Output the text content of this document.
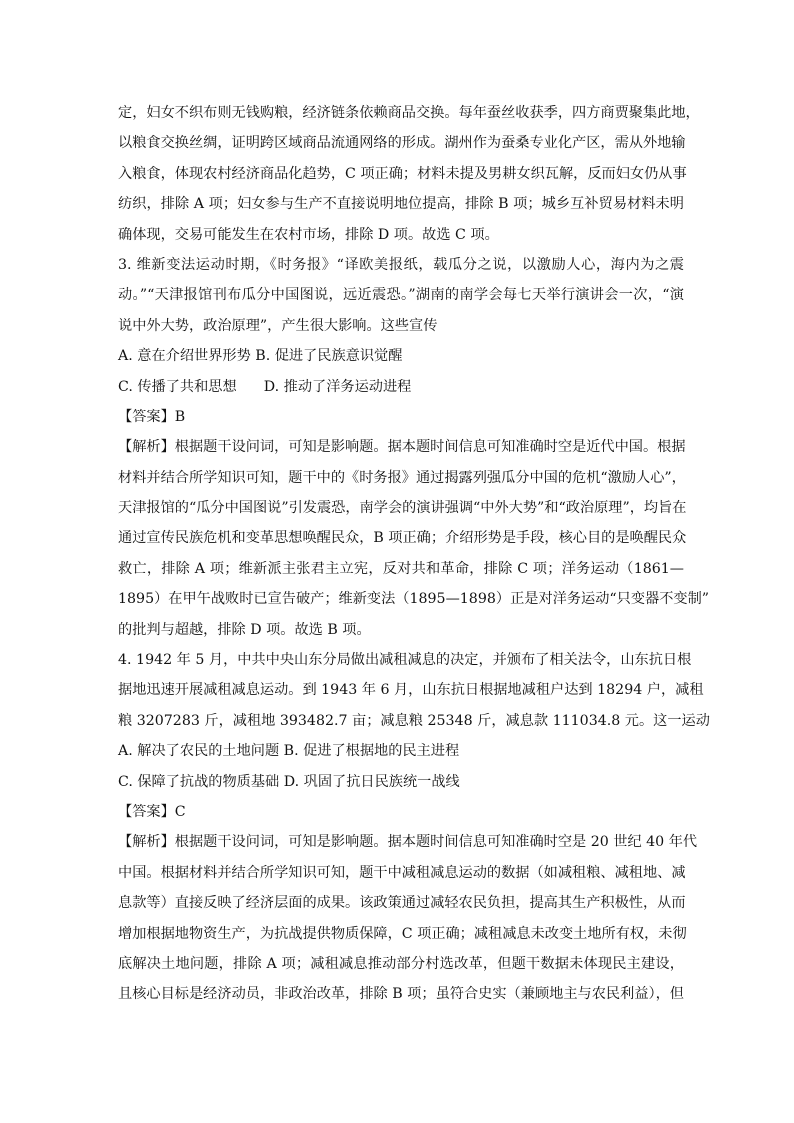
定，妇女不织布则无钱购粮，经济链条依赖商品交换。每年蚕丝收获季，四方商贾聚集此地，
以粮食交换丝绸，证明跨区域商品流通网络的形成。湖州作为蚕桑专业化产区，需从外地输
入粮食，体现农村经济商品化趋势，C 项正确；材料未提及男耕女织瓦解，反而妇女仍从事
纺织，排除 A 项；妇女参与生产不直接说明地位提高，排除 B 项；城乡互补贸易材料未明
确体现，交易可能发生在农村市场，排除 D 项。故选 C 项。
3. 维新变法运动时期，《时务报》“译欧美报纸，载瓜分之说，以激励人心，海内为之震
动。”“天津报馆刊布瓜分中国图说，远近震恐。”湖南的南学会每七天举行演讲会一次，“演
说中外大势，政治原理”，产生很大影响。这些宣传
A. 意在介绍世界形势 B. 促进了民族意识觉醒
C. 传播了共和思想      D. 推动了洋务运动进程
【答案】B
【解析】根据题干设问词，可知是影响题。据本题时间信息可知准确时空是近代中国。根据
材料并结合所学知识可知，题干中的《时务报》通过揭露列强瓜分中国的危机“激励人心”，
天津报馆的“瓜分中国图说”引发震恐，南学会的演讲强调“中外大势”和“政治原理”，均旨在
通过宣传民族危机和变革思想唤醒民众，B 项正确；介绍形势是手段，核心目的是唤醒民众
救亡，排除 A 项；维新派主张君主立宪，反对共和革命，排除 C 项；洋务运动（1861—
1895）在甲午战败时已宣告破产；维新变法（1895—1898）正是对洋务运动“只变器不变制”
的批判与超越，排除 D 项。故选 B 项。
4. 1942 年 5 月，中共中央山东分局做出减租减息的决定，并颁布了相关法令，山东抗日根
据地迅速开展减租减息运动。到 1943 年 6 月，山东抗日根据地减租户达到 18294 户，减租
粮 3207283 斤，减租地 393482.7 亩；减息粮 25348 斤，减息款 111034.8 元。这一运动
A. 解决了农民的土地问题 B. 促进了根据地的民主进程
C. 保障了抗战的物质基础 D. 巩固了抗日民族统一战线
【答案】C
【解析】根据题干设问词，可知是影响题。据本题时间信息可知准确时空是 20 世纪 40 年代
中国。根据材料并结合所学知识可知，题干中减租减息运动的数据（如减租粮、减租地、减
息款等）直接反映了经济层面的成果。该政策通过减轻农民负担，提高其生产积极性，从而
增加根据地物资生产，为抗战提供物质保障，C 项正确；减租减息未改变土地所有权，未彻
底解决土地问题，排除 A 项；减租减息推动部分村选改革，但题干数据未体现民主建设，
且核心目标是经济动员，非政治改革，排除 B 项；虽符合史实（兼顾地主与农民利益），但
